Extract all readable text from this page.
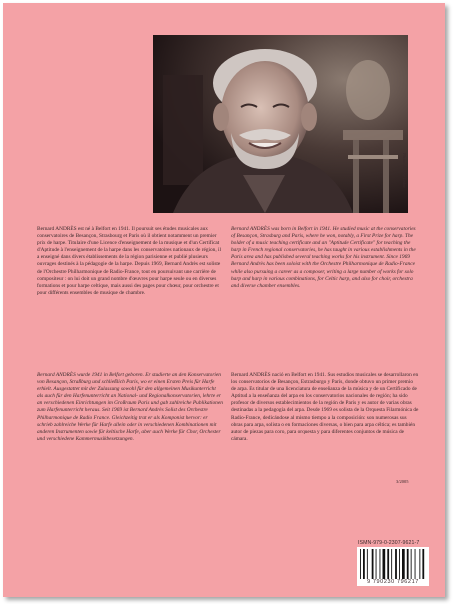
Photo: Archive Leduc

Bernard ANDRÈS est né à Belfort en 1941. Il poursuit ses études musicales aux conservatoires de Besançon, Strasbourg et Paris où il obtient notamment un premier prix de harpe. Titulaire d'une Licence d'enseignement de la musique et d'un Certificat d'Aptitude à l'enseignement de la harpe dans les conservatoires nationaux de région, il a enseigné dans divers établissements de la région parisienne et publié plusieurs ouvrages destinés à la pédagogie de la harpe. Depuis 1969, Bernard Andrès est soliste de l'Orchestre Philharmonique de Radio-France, tout en poursuivant une carrière de compositeur : on lui doit un grand nombre d'œuvres pour harpe seule ou en diverses formations et pour harpe celtique, mais aussi des pages pour chœur, pour orchestre et pour différents ensembles de musique de chambre.

Bernard ANDRÈS was born in Belfort in 1941. He studied music at the conservatories of Besançon, Strasburg and Paris, where he won, notably, a First Prize for harp. The holder of a music teaching certificate and an "Aptitude Certificate" for teaching the harp in French regional conservatories, he has taught in various establishments in the Paris area and has published several teaching works for his instrument. Since 1969 Bernard Andrès has been soloist with the Orchestre Philharmonique de Radio-France while also pursuing a career as a composer, writing a large number of works for solo harp and harp in various combinations, for Celtic harp, and also for choir, orchestra and diverse chamber ensembles.

Bernard ANDRÈS wurde 1941 in Belfort geboren. Er studierte an den Konservatorien von Besançon, Straßburg und schließlich Paris, wo er einen Ersten Preis für Harfe erhielt. Ausgestattet mit der Zulassung sowohl für den allgemeinen Musikunterricht als auch für den Harfenunterricht an National- und Regionalkonservatorien, lehrte er an verschiedenen Einrichtungen im Großraum Paris und gab zahlreiche Publikationen zum Harfenunterricht heraus. Seit 1969 ist Bernard Andrès Solist des Orchestre Philharmonique de Radio France. Gleichzeitig trat er als Komponist hervor: er schrieb zahlreiche Werke für Harfe allein oder in verschiedenen Kombinationen mit anderen Instrumenten sowie für keltische Harfe, aber auch Werke für Chor, Orchester und verschiedene Kammermusikbesetzungen.

Bernard ANDRÈS nació en Belfort en 1941. Sus estudios musicales se desarrollaron en los conservatorios de Besançon, Estrasburgo y París, donde obtuvo un primer premio de arpa. Es titular de una licenciatura de enseñanza de la música y de un Certificado de Aptitud a la enseñanza del arpa en los conservatorios nacionales de región; ha sido profesor de diversos establecimientos de la región de París y es autor de varias obras destinadas a la pedagogía del arpa. Desde 1969 es solista de la Orquesta Filarmónica de Radio-France, dedicándose al mismo tiempo a la composición: son numerosas sus obras para arpa, solista o en formaciones diversas, o bien para arpa céltica; es también autor de piezas para coro, para orquesta y para diferentes conjuntos de música de cámara.

3/2005
ISMN-979-0-2307-9621-7
9 790230 796217
